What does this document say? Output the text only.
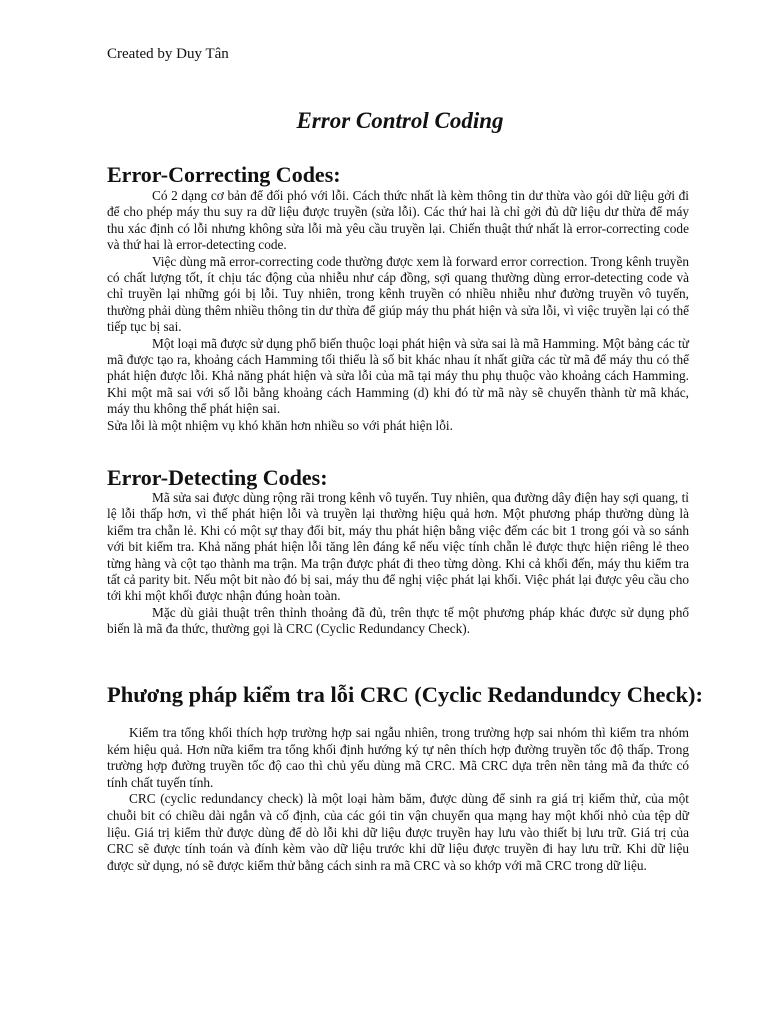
Created by Duy Tân
Error Control Coding
Error-Correcting Codes:

Có 2 dạng cơ bản để đối phó với lỗi. Cách thức nhất là kèm thông tin dư thừa vào gói dữ liệu gởi đi để cho phép máy thu suy ra dữ liệu được truyền (sửa lỗi). Các thứ hai là chỉ gởi đủ dữ liệu dư thừa để máy thu xác định có lỗi nhưng không sửa lỗi mà yêu cầu truyền lại. Chiến thuật thứ nhất là error-correcting code và thứ hai là error-detecting code.

Việc dùng mã error-correcting code thường được xem là forward error correction. Trong kênh truyền có chất lượng tốt, ít chịu tác động của nhiễu như cáp đồng, sợi quang thường dùng error-detecting code và chỉ truyền lại những gói bị lỗi. Tuy nhiên, trong kênh truyền có nhiều nhiễu như đường truyền vô tuyến, thường phải dùng thêm nhiều thông tin dư thừa để giúp máy thu phát hiện và sửa lỗi, vì việc truyền lại có thể tiếp tục bị sai.

Một loại mã được sử dụng phổ biến thuộc loại phát hiện và sửa sai là mã Hamming. Một bảng các từ mã được tạo ra, khoảng cách Hamming tối thiểu là số bit khác nhau ít nhất giữa các từ mã để máy thu có thể phát hiện được lỗi. Khả năng phát hiện và sửa lỗi của mã tại máy thu phụ thuộc vào khoảng cách Hamming. Khi một mã sai với số lỗi bằng khoảng cách Hamming (d) khi đó từ mã này sẽ chuyển thành từ mã khác, máy thu không thể phát hiện sai.

Sửa lỗi là một nhiệm vụ khó khăn hơn nhiều so với phát hiện lỗi.

Error-Detecting Codes:

Mã sửa sai được dùng rộng rãi trong kênh vô tuyến. Tuy nhiên, qua đường dây điện hay sợi quang, tỉ lệ lỗi thấp hơn, vì thế phát hiện lỗi và truyền lại thường hiệu quả hơn. Một phương pháp thường dùng là kiểm tra chẵn lẻ. Khi có một sự thay đổi bit, máy thu phát hiện bằng việc đếm các bit 1 trong gói và so sánh với bit kiểm tra. Khả năng phát hiện lỗi tăng lên đáng kể nếu việc tính chẵn lẻ được thực hiện riêng lẻ theo từng hàng và cột tạo thành ma trận. Ma trận được phát đi theo từng dòng. Khi cả khối đến, máy thu kiểm tra tất cả parity bit. Nếu một bit nào đó bị sai, máy thu để nghị việc phát lại khối. Việc phát lại được yêu cầu cho tới khi một khối được nhận đúng hoàn toàn.

Mặc dù giải thuật trên thỉnh thoảng đã đủ, trên thực tế một phương pháp khác được sử dụng phổ biến là mã đa thức, thường gọi là CRC (Cyclic Redundancy Check).

Phương pháp kiểm tra lỗi CRC (Cyclic Redandundcy Check):

Kiểm tra tổng khối thích hợp trường hợp sai ngẫu nhiên, trong trường hợp sai nhóm thì kiểm tra nhóm kém hiệu quả. Hơn nữa kiểm tra tổng khối định hướng ký tự nên thích hợp đường truyền tốc độ thấp. Trong trường hợp đường truyền tốc độ cao thì chủ yếu dùng mã CRC. Mã CRC dựa trên nền tảng mã đa thức có tính chất tuyến tính.

CRC (cyclic redundancy check) là một loại hàm băm, được dùng để sinh ra giá trị kiểm thử, của một chuỗi bit có chiều dài ngắn và cố định, của các gói tin vận chuyển qua mạng hay một khối nhỏ của tệp dữ liệu. Giá trị kiểm thử được dùng để dò lỗi khi dữ liệu được truyền hay lưu vào thiết bị lưu trữ. Giá trị của CRC sẽ được tính toán và đính kèm vào dữ liệu trước khi dữ liệu được truyền đi hay lưu trữ. Khi dữ liệu được sử dụng, nó sẽ được kiểm thử bằng cách sinh ra mã CRC và so khớp với mã CRC trong dữ liệu.
